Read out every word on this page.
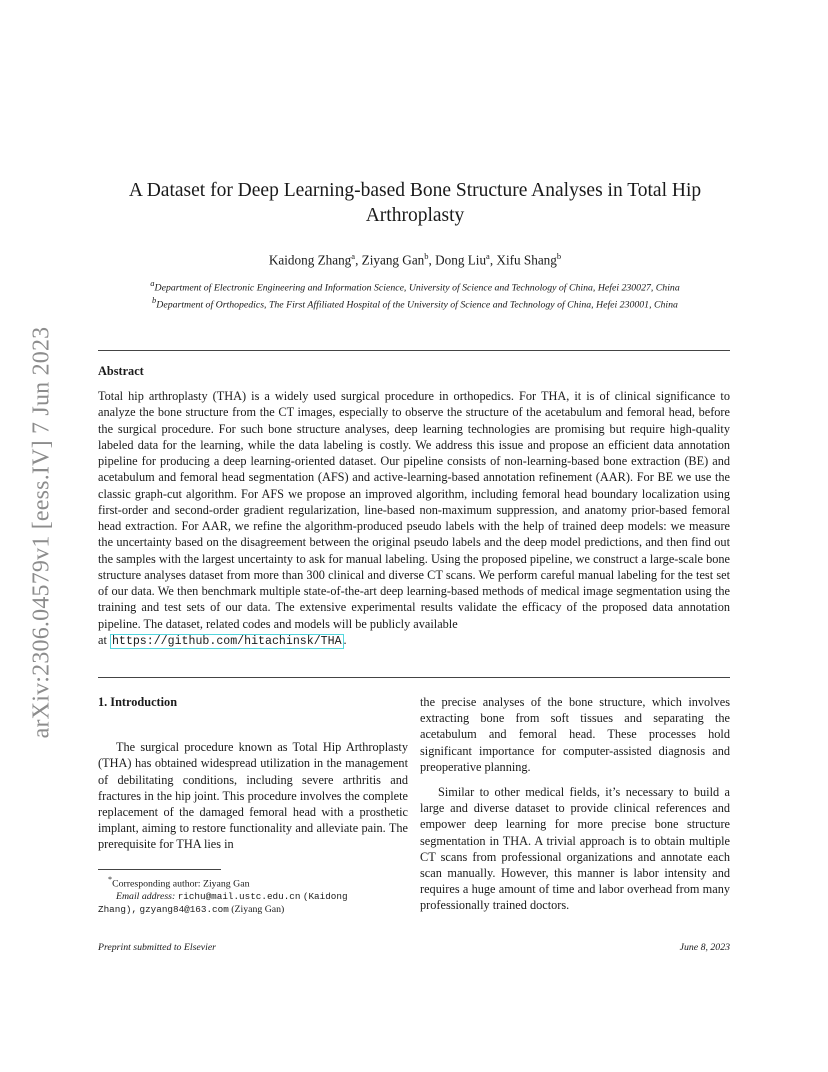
arXiv:2306.04579v1 [eess.IV] 7 Jun 2023
A Dataset for Deep Learning-based Bone Structure Analyses in Total Hip
Arthroplasty
Kaidong Zhang$^a$, Ziyang Gan$^b$, Dong Liu$^a$, Xifu Shang$^b$
$^a$Department of Electronic Engineering and Information Science, University of Science and Technology of China, Hefei 230027, China
$^b$Department of Orthopedics, The First Affiliated Hospital of the University of Science and Technology of China, Hefei 230001, China
Abstract

Total hip arthroplasty (THA) is a widely used surgical procedure in orthopedics. For THA, it is of clinical significance to analyze the bone structure from the CT images, especially to observe the structure of the acetabulum and femoral head, before the surgical procedure. For such bone structure analyses, deep learning technologies are promising but require high-quality labeled data for the learning, while the data labeling is costly. We address this issue and propose an efficient data annotation pipeline for producing a deep learning-oriented dataset. Our pipeline consists of non-learning-based bone extraction (BE) and acetabulum and femoral head segmentation (AFS) and active-learning-based annotation refinement (AAR). For BE we use the classic graph-cut algorithm. For AFS we propose an improved algorithm, including femoral head boundary localization using first-order and second-order gradient regularization, line-based non-maximum suppression, and anatomy prior-based femoral head extraction. For AAR, we refine the algorithm-produced pseudo labels with the help of trained deep models: we measure the uncertainty based on the disagreement between the original pseudo labels and the deep model predictions, and then find out the samples with the largest uncertainty to ask for manual labeling. Using the proposed pipeline, we construct a large-scale bone structure analyses dataset from more than 300 clinical and diverse CT scans. We perform careful manual labeling for the test set of our data. We then benchmark multiple state-of-the-art deep learning-based methods of medical image segmentation using the training and test sets of our data. The extensive experimental results validate the efficacy of the proposed data annotation pipeline. The dataset, related codes and models will be publicly available
at https://github.com/hitachinsk/THA .

1. Introduction

The surgical procedure known as Total Hip Arthroplasty (THA) has obtained widespread utilization in the management of debilitating conditions, including severe arthritis and fractures in the hip joint. This procedure involves the complete replacement of the damaged femoral head with a prosthetic implant, aiming to restore functionality and alleviate pain. The prerequisite for THA lies in

the precise analyses of the bone structure, which involves extracting bone from soft tissues and separating the acetabulum and femoral head. These processes hold significant importance for computer-assisted diagnosis and preoperative planning.

Similar to other medical fields, it’s necessary to build a large and diverse dataset to provide clinical references and empower deep learning for more precise bone structure segmentation in THA. A trivial approach is to obtain multiple CT scans from professional organizations and annotate each scan manually. However, this manner is labor intensity and requires a huge amount of time and labor overhead from many professionally trained doctors.

*Corresponding author: Ziyang Gan

Email address: richu@mail.ustc.edu.cn (Kaidong
Zhang), gzyang84@163.com (Ziyang Gan)

Preprint submitted to Elsevier	June 8, 2023
